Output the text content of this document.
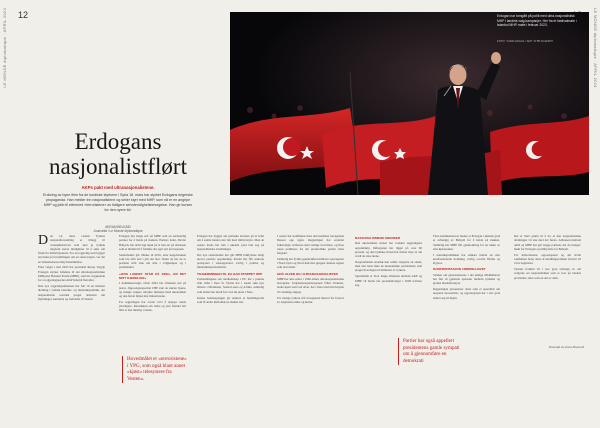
12
LE MONDE diplomatique · APRIL 2024	LE MONDE diplomatique · APRIL 2024
Erdogan har tomgått på politi med ultra-nasjonalistisk MHP i landets valg-kampanjer. Her fra et fastivalmøte i Istanbul MHP-møte i februar 2023.
FOTO: YASIN AKGUL / AFP / NTB SCANPIX
Erdogans nasjonalistflørt
AKPs pakt med ultranasjonalistene.
Erdoring av byen ifrim fra de kurdiske styrkene i Syria 18. mars har styrket Erdogans krigerske propaganda. Han melder inn nasjonalistene og seiler styrt med MHP, som nå er en angripe MHP og jobb til ettermed «terroristene» av tidligere selvstendighetsbevegelse. Han gir kursen for den nyere tid.
AKRAM BELKAÏD
Journalist i Le Monde diplomatique
D en 14. mars vedtok Tyrkias nasjonalforsamling et tillegg til vernepliktsloven som skal gi tyrkisk ungdom større muligheter til å søke om fritak fra militærtjeneste. For en regjering som bygger sin makt på forestillingen om en sterk nasjon, var det en bemerkelsesverdig innrømmelse.

Etter valget i mai 2023 har president Recep Tayyip Erdogan styrket båndene til det ultranasjonalistiske Milliyetçi Hareket Partisi (MHP), som ble avgjørende for at regjeringspartiet AKP beholdt flertallet.

Den nye regjeringsalliansen har ført til en markert dreining i tyrkisk utenriks- og innenrikspolitikk, der nasjonalistisk retorikk preger debatten om flyktninger, kurderne og forholdet til Vesten.

Erdogan har lenge sett på MHP som en nødvendig partner for å holde på makten. Partiets leder, Devlet Bahçeli, har aldri lagt skjul på at han ser på alliansen som et middel til å fremme sitt eget syn på nasjonen.

Samarbeidet går tilbake til 2016, etter kuppforsøket som ble slått ned i juli det året. Siden da har de to partiene stått side om side i valgkamper og i parlamentet.

«HVIS LANDET STÅR PÅ SPILL, ER DET MITT KJEDELIGE»

I kommunevalget våren 2024 ble alliansen satt på prøve. Opposisjonspartiet CHP vant de største byene, og mange velgere uttrykte misnøye med økonomien og den harde linjen mot minoritetene.

For regjeringen har svaret vært å skjerpe tonen ytterligere. Retorikken om indre og ytre fiender har blitt et fast innslag i talene.

Hovedmålet er «terroristene» i YPG, som også blant annet «kjøst» telesystere fra Vesten».

Erdogan har bygget sin politiske karriere på et løfte om å samle landet etter tiår med militærstyre. Men de senere årene har han i økende grad lent seg på nasjonalistiske strømninger.

Det nye samarbeidet har gitt MHP innflytelse langt utover partiets oppslutning. Partiet har fått sentrale posisjoner i statsapparatet, særlig i politiet og innenriksdepartementet.

TILNÆRMINGEN TIL EU HAR STOPPET OPP

Forhandlingene om medlemskap i EU har i praksis stått stille i flere år. Tyrkia har i stedet søkt nye allierte i Midtøsten, Sentral-Asia og Afrika, samtidig som landet har holdt fast ved sin plass i Nato.

Denne balansegangen gir Ankara et handlingsrom som få andre mellomstore makter har.

I sørøst har konflikten med den kurdiske bevegelsen blusset opp igjen. Regjeringen har erstattet folkevalgte ordførere med statlige forvaltere, og flere tusen politikere fra det prokurdiske partiet sitter fengslet.

Samtidig har Tyrkia gjennomført militære operasjoner i Nord-Syria og Nord-Irak mot grupper Ankara regner som terrorister.

GRÅ ULVER OG ULTRANASJONALISTER

MHP har sine røtter i 1960-tallets ultranasjonalistiske bevegelse. Ungdomsorganisasjonen Ülkü Ocakları, bedre kjent som Grå ulver, har i flere land blitt knyttet til voldelige angrep.

For mange tyrkere står bevegelsen likevel for forsvar av nasjonens enhet og kultur.

NASJONALISMENS GRENSER

Den økonomiske krisen har svekket regjeringens oppslutning. Inflasjonen har ligget på over 60 prosent, og den tyrkiske liraen har mistet mye av sin verdi de siste årene.

Nasjonalistisk retorikk kan samle velgerne en stund, men den løser ikke de økonomiske problemene som preger hverdagen til millioner av tyrkere.

Spørsmålet er hvor lenge alliansen mellom AKP og MHP vil holde når presidentvalget i 2028 nærmer seg.

Flere kommentatorer mener at Erdogan i økende grad er avhengig av Bahçeli for å holde på makten. Samtidig har MHP fått gjennomslag for en rekke av sine kjernesaker.

I utenrikspolitikken har Ankara inntatt en mer konfronterende holdning, særlig overfor Hellas og Kypros.

KONFRONTASJON I MIDDELHAVET

Striden om gassressursene i det østlige Middelhavet har ført til gjentatte episoder mellom tyrkiske og greske marinefartøyer.

Regjeringen presenterer dette som et spørsmål om nasjonal suverenitet, og opposisjonen har i stor grad sluttet seg til linjen.

Partier har også appellert presidentens gamle sympati om å gjennomføre en demokrati

Det er liten grunn til å tro at den nasjonalistiske dreiningen vil snu med det første. Alliansen mellom AKP og MHP har gitt begge partiene det de trenger: makt for Erdogan og innflytelse for Bahçeli.

For minoritetene, opposisjonen og det sivile samfunnet betyr dette at handlingsrommet fortsatt vil være begrenset.

Tyrkias framtid vil i stor grad avhenge av om velgerne ser nasjonalismen som et svar på landets problemer, eller som en del av dem.

Oversatt av Anna Rossvoll
